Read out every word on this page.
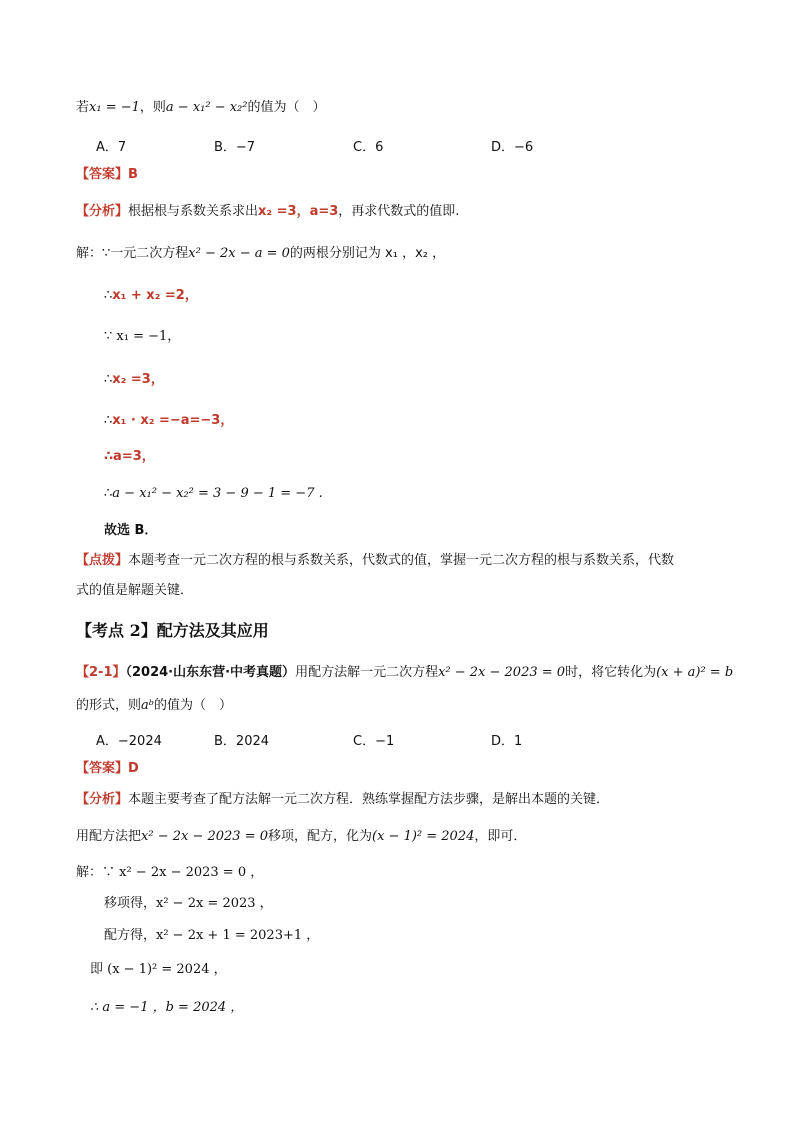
若x₁ = −1，则a − x₁² − x₂²的值为（　）
A．7	B．−7	C．6	D．−6
【答案】B
【分析】根据根与系数关系求出x₂ =3，a=3，再求代数式的值即.
解：∵一元二次方程x² − 2x − a = 0的两根分别记为 x₁ ，x₂ ，
∴x₁ + x₂ =2，
∵ x₁ = −1，
∴x₂ =3，
∴x₁ · x₂ =−a=−3，
∴a=3，
∴a − x₁² − x₂² = 3 − 9 − 1 = −7 .
故选 B．
【点拨】本题考查一元二次方程的根与系数关系，代数式的值，掌握一元二次方程的根与系数关系，代数
式的值是解题关键．
【考点 2】配方法及其应用
【2-1】（2024·山东东营·中考真题）用配方法解一元二次方程x² − 2x − 2023 = 0时，将它转化为(x + a)² = b
的形式，则aᵇ的值为（　）
A．−2024	B．2024	C．−1	D．1
【答案】D
【分析】本题主要考查了配方法解一元二次方程．熟练掌握配方法步骤，是解出本题的关键．
用配方法把x² − 2x − 2023 = 0移项，配方，化为(x − 1)² = 2024，即可．
解：∵ x² − 2x − 2023 = 0 ，
移项得，x² − 2x = 2023 ，
配方得，x² − 2x + 1 = 2023+1 ，
即 (x − 1)² = 2024 ，
∴ a = −1 ，b = 2024 ，
